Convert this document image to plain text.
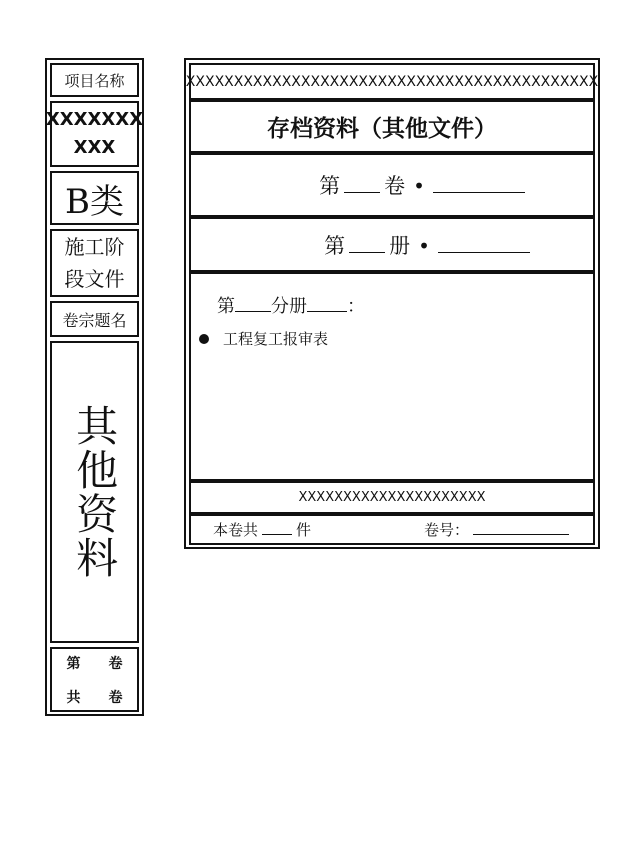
项目名称
XXXXXXX
XXX
B类
施工阶
段文件
卷宗题名
其他资料
第 卷
共 卷
XXXXXXXXXXXXXXXXXXXXXXXXXXXXXXXXXXXXXXXXXXX
存档资料（其他文件）
第 卷 •
第 册 •
第 分册 ：
工程复工报审表
XXXXXXXXXXXXXXXXXXXXX
本卷共	件	卷号：
